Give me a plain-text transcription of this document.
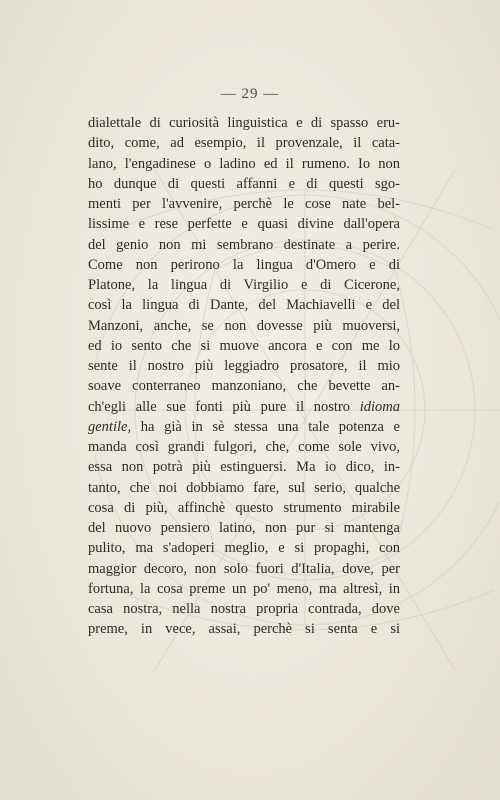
— 29 —
dialettale di curiosità linguistica e di spasso eru-
dito, come, ad esempio, il provenzale, il cata-
lano, l'engadinese o ladino ed il rumeno. Io non
ho dunque di questi affanni e di questi sgo-
menti per l'avvenire, perchè le cose nate bel-
lissime e rese perfette e quasi divine dall'opera
del genio non mi sembrano destinate a perire.
Come non perirono la lingua d'Omero e di
Platone, la lingua di Virgilio e di Cicerone,
così la lingua di Dante, del Machiavelli e del
Manzoni, anche, se non dovesse più muoversi,
ed io sento che si muove ancora e con me lo
sente il nostro più leggiadro prosatore, il mio
soave conterraneo manzoniano, che bevette an-
ch'egli alle sue fonti più pure il nostro idioma
gentile, ha già in sè stessa una tale potenza e
manda così grandi fulgori, che, come sole vivo,
essa non potrà più estinguersi. Ma io dico, in-
tanto, che noi dobbiamo fare, sul serio, qualche
cosa di più, affinchè questo strumento mirabile
del nuovo pensiero latino, non pur si mantenga
pulito, ma s'adoperi meglio, e si propaghi, con
maggior decoro, non solo fuori d'Italia, dove, per
fortuna, la cosa preme un po' meno, ma altresì, in
casa nostra, nella nostra propria contrada, dove
preme, in vece, assai, perchè si senta e si
